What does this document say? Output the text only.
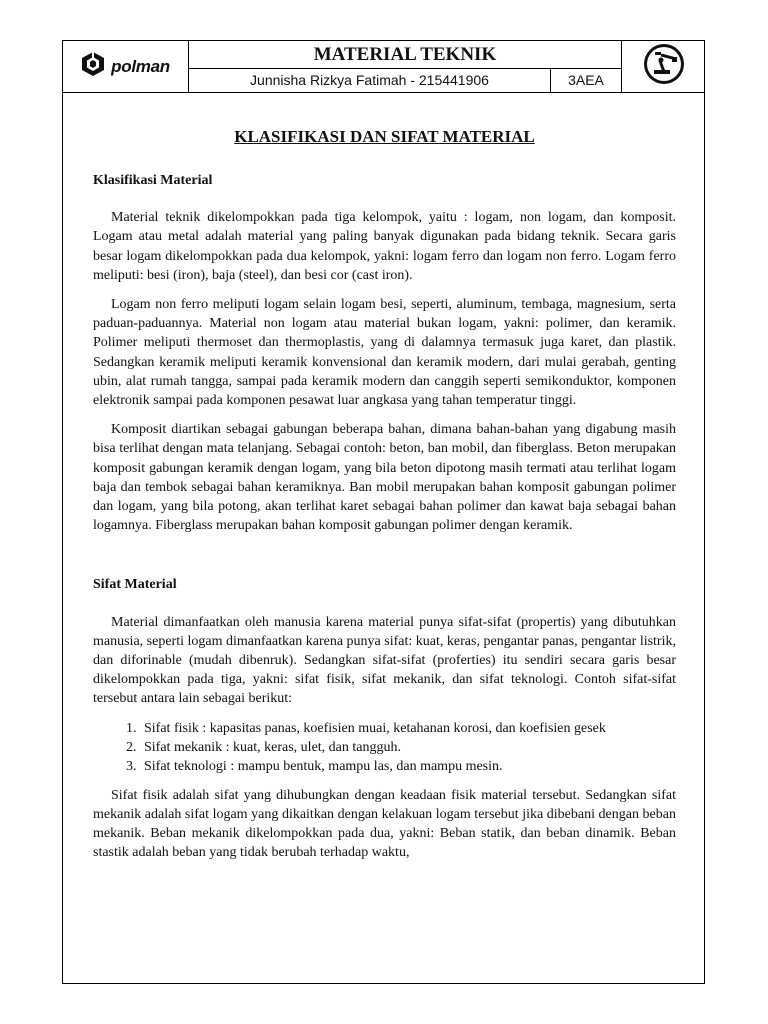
polman
MATERIAL TEKNIK
Junnisha Rizkya Fatimah - 215441906	3AEA
KLASIFIKASI DAN SIFAT MATERIAL
Klasifikasi Material

Material teknik dikelompokkan pada tiga kelompok, yaitu : logam, non logam, dan komposit. Logam atau metal adalah material yang paling banyak digunakan pada bidang teknik. Secara garis besar logam dikelompokkan pada dua kelompok, yakni: logam ferro dan logam non ferro. Logam ferro meliputi: besi (iron), baja (steel), dan besi cor (cast iron).

Logam non ferro meliputi logam selain logam besi, seperti, aluminum, tembaga, magnesium, serta paduan-paduannya. Material non logam atau material bukan logam, yakni: polimer, dan keramik. Polimer meliputi thermoset dan thermoplastis, yang di dalamnya termasuk juga karet, dan plastik. Sedangkan keramik meliputi keramik konvensional dan keramik modern, dari mulai gerabah, genting ubin, alat rumah tangga, sampai pada keramik modern dan canggih seperti semikonduktor, komponen elektronik sampai pada komponen pesawat luar angkasa yang tahan temperatur tinggi.

Komposit diartikan sebagai gabungan beberapa bahan, dimana bahan-bahan yang digabung masih bisa terlihat dengan mata telanjang. Sebagai contoh: beton, ban mobil, dan fiberglass. Beton merupakan komposit gabungan keramik dengan logam, yang bila beton dipotong masih termati atau terlihat logam baja dan tembok sebagai bahan keramiknya. Ban mobil merupakan bahan komposit gabungan polimer dan logam, yang bila potong, akan terlihat karet sebagai bahan polimer dan kawat baja sebagai bahan logamnya. Fiberglass merupakan bahan komposit gabungan polimer dengan keramik.

Sifat Material

Material dimanfaatkan oleh manusia karena material punya sifat-sifat (propertis) yang dibutuhkan manusia, seperti logam dimanfaatkan karena punya sifat: kuat, keras, pengantar panas, pengantar listrik, dan diforinable (mudah dibenruk). Sedangkan sifat-sifat (proferties) itu sendiri secara garis besar dikelompokkan pada tiga, yakni: sifat fisik, sifat mekanik, dan sifat teknologi. Contoh sifat-sifat tersebut antara lain sebagai berikut:

1. Sifat fisik : kapasitas panas, koefisien muai, ketahanan korosi, dan koefisien gesek
2. Sifat mekanik : kuat, keras, ulet, dan tangguh.
3. Sifat teknologi : mampu bentuk, mampu las, dan mampu mesin.

Sifat fisik adalah sifat yang dihubungkan dengan keadaan fisik material tersebut. Sedangkan sifat mekanik adalah sifat logam yang dikaitkan dengan kelakuan logam tersebut jika dibebani dengan beban mekanik. Beban mekanik dikelompokkan pada dua, yakni: Beban statik, dan beban dinamik. Beban stastik adalah beban yang tidak berubah terhadap waktu,
